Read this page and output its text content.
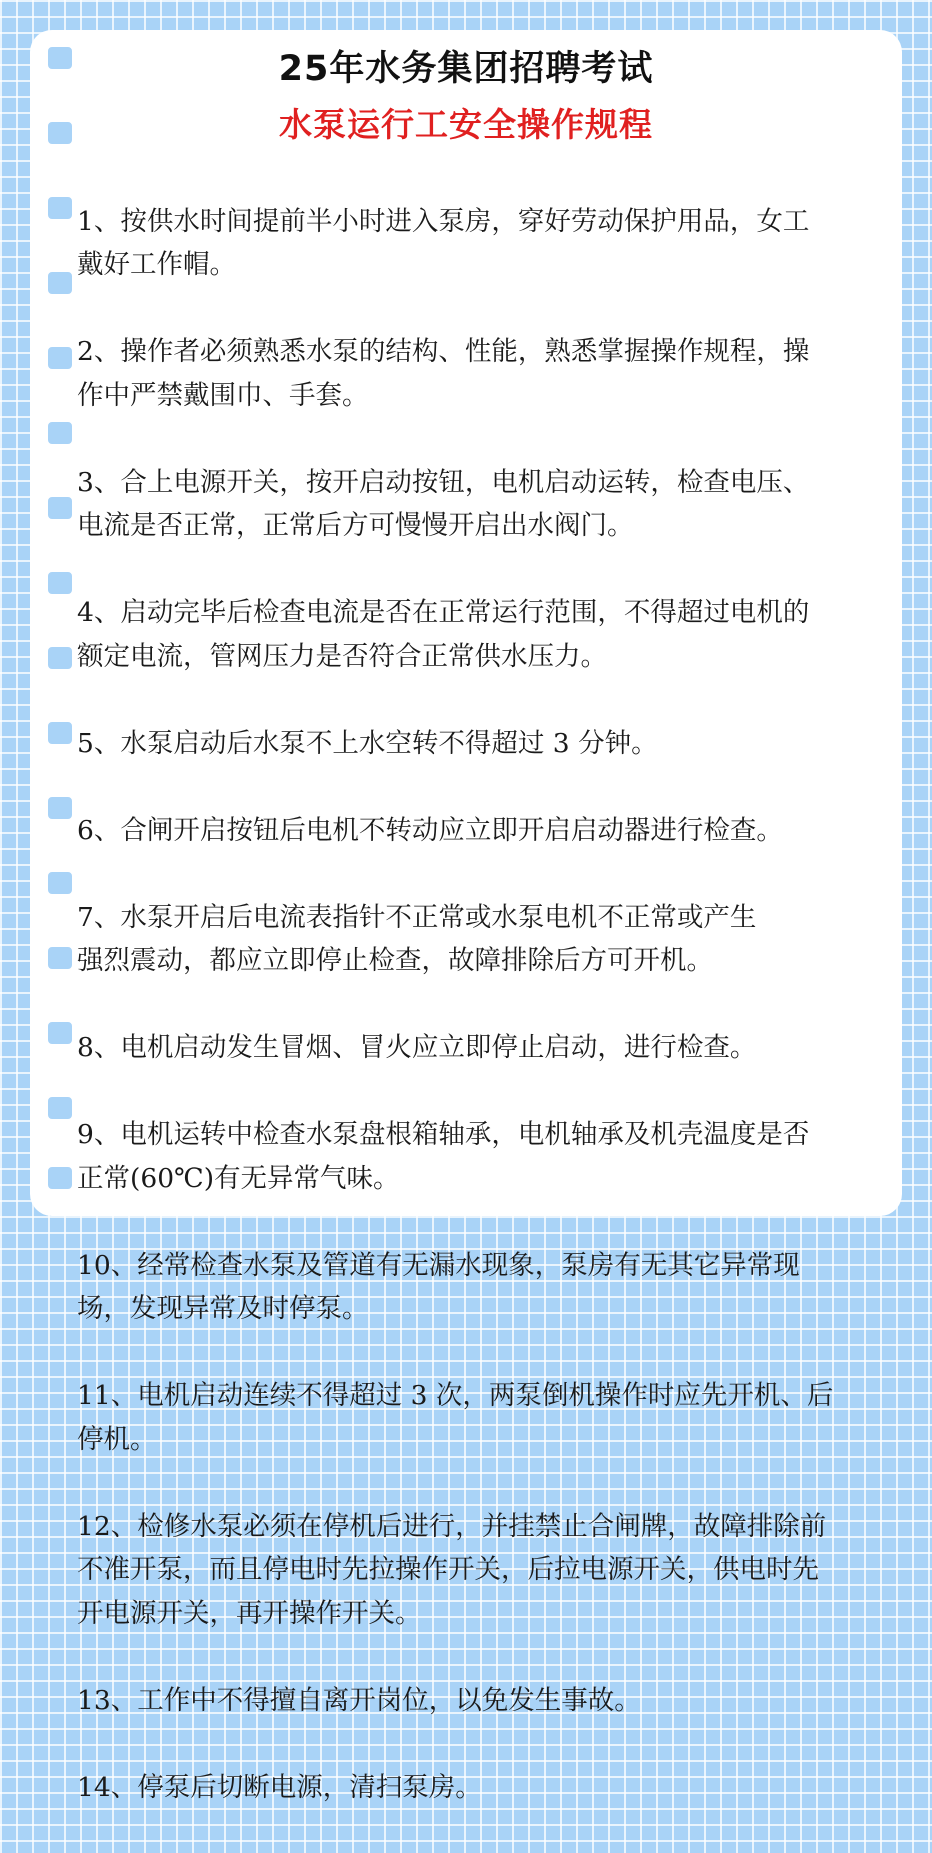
25年水务集团招聘考试
水泵运行工安全操作规程

1、按供水时间提前半小时进入泵房，穿好劳动保护用品，女工
戴好工作帽。

2、操作者必须熟悉水泵的结构、性能，熟悉掌握操作规程，操
作中严禁戴围巾、手套。

3、合上电源开关，按开启动按钮，电机启动运转，检查电压、
电流是否正常，正常后方可慢慢开启出水阀门。

4、启动完毕后检查电流是否在正常运行范围，不得超过电机的
额定电流，管网压力是否符合正常供水压力。

5、水泵启动后水泵不上水空转不得超过 3 分钟。

6、合闸开启按钮后电机不转动应立即开启启动器进行检查。

7、水泵开启后电流表指针不正常或水泵电机不正常或产生
强烈震动，都应立即停止检查，故障排除后方可开机。

8、电机启动发生冒烟、冒火应立即停止启动，进行检查。

9、电机运转中检查水泵盘根箱轴承，电机轴承及机壳温度是否
正常(60℃)有无异常气味。

10、经常检查水泵及管道有无漏水现象，泵房有无其它异常现
场，发现异常及时停泵。

11、电机启动连续不得超过 3 次，两泵倒机操作时应先开机、后
停机。

12、检修水泵必须在停机后进行，并挂禁止合闸牌，故障排除前
不准开泵，而且停电时先拉操作开关，后拉电源开关，供电时先
开电源开关，再开操作开关。

13、工作中不得擅自离开岗位，以免发生事故。

14、停泵后切断电源，清扫泵房。
